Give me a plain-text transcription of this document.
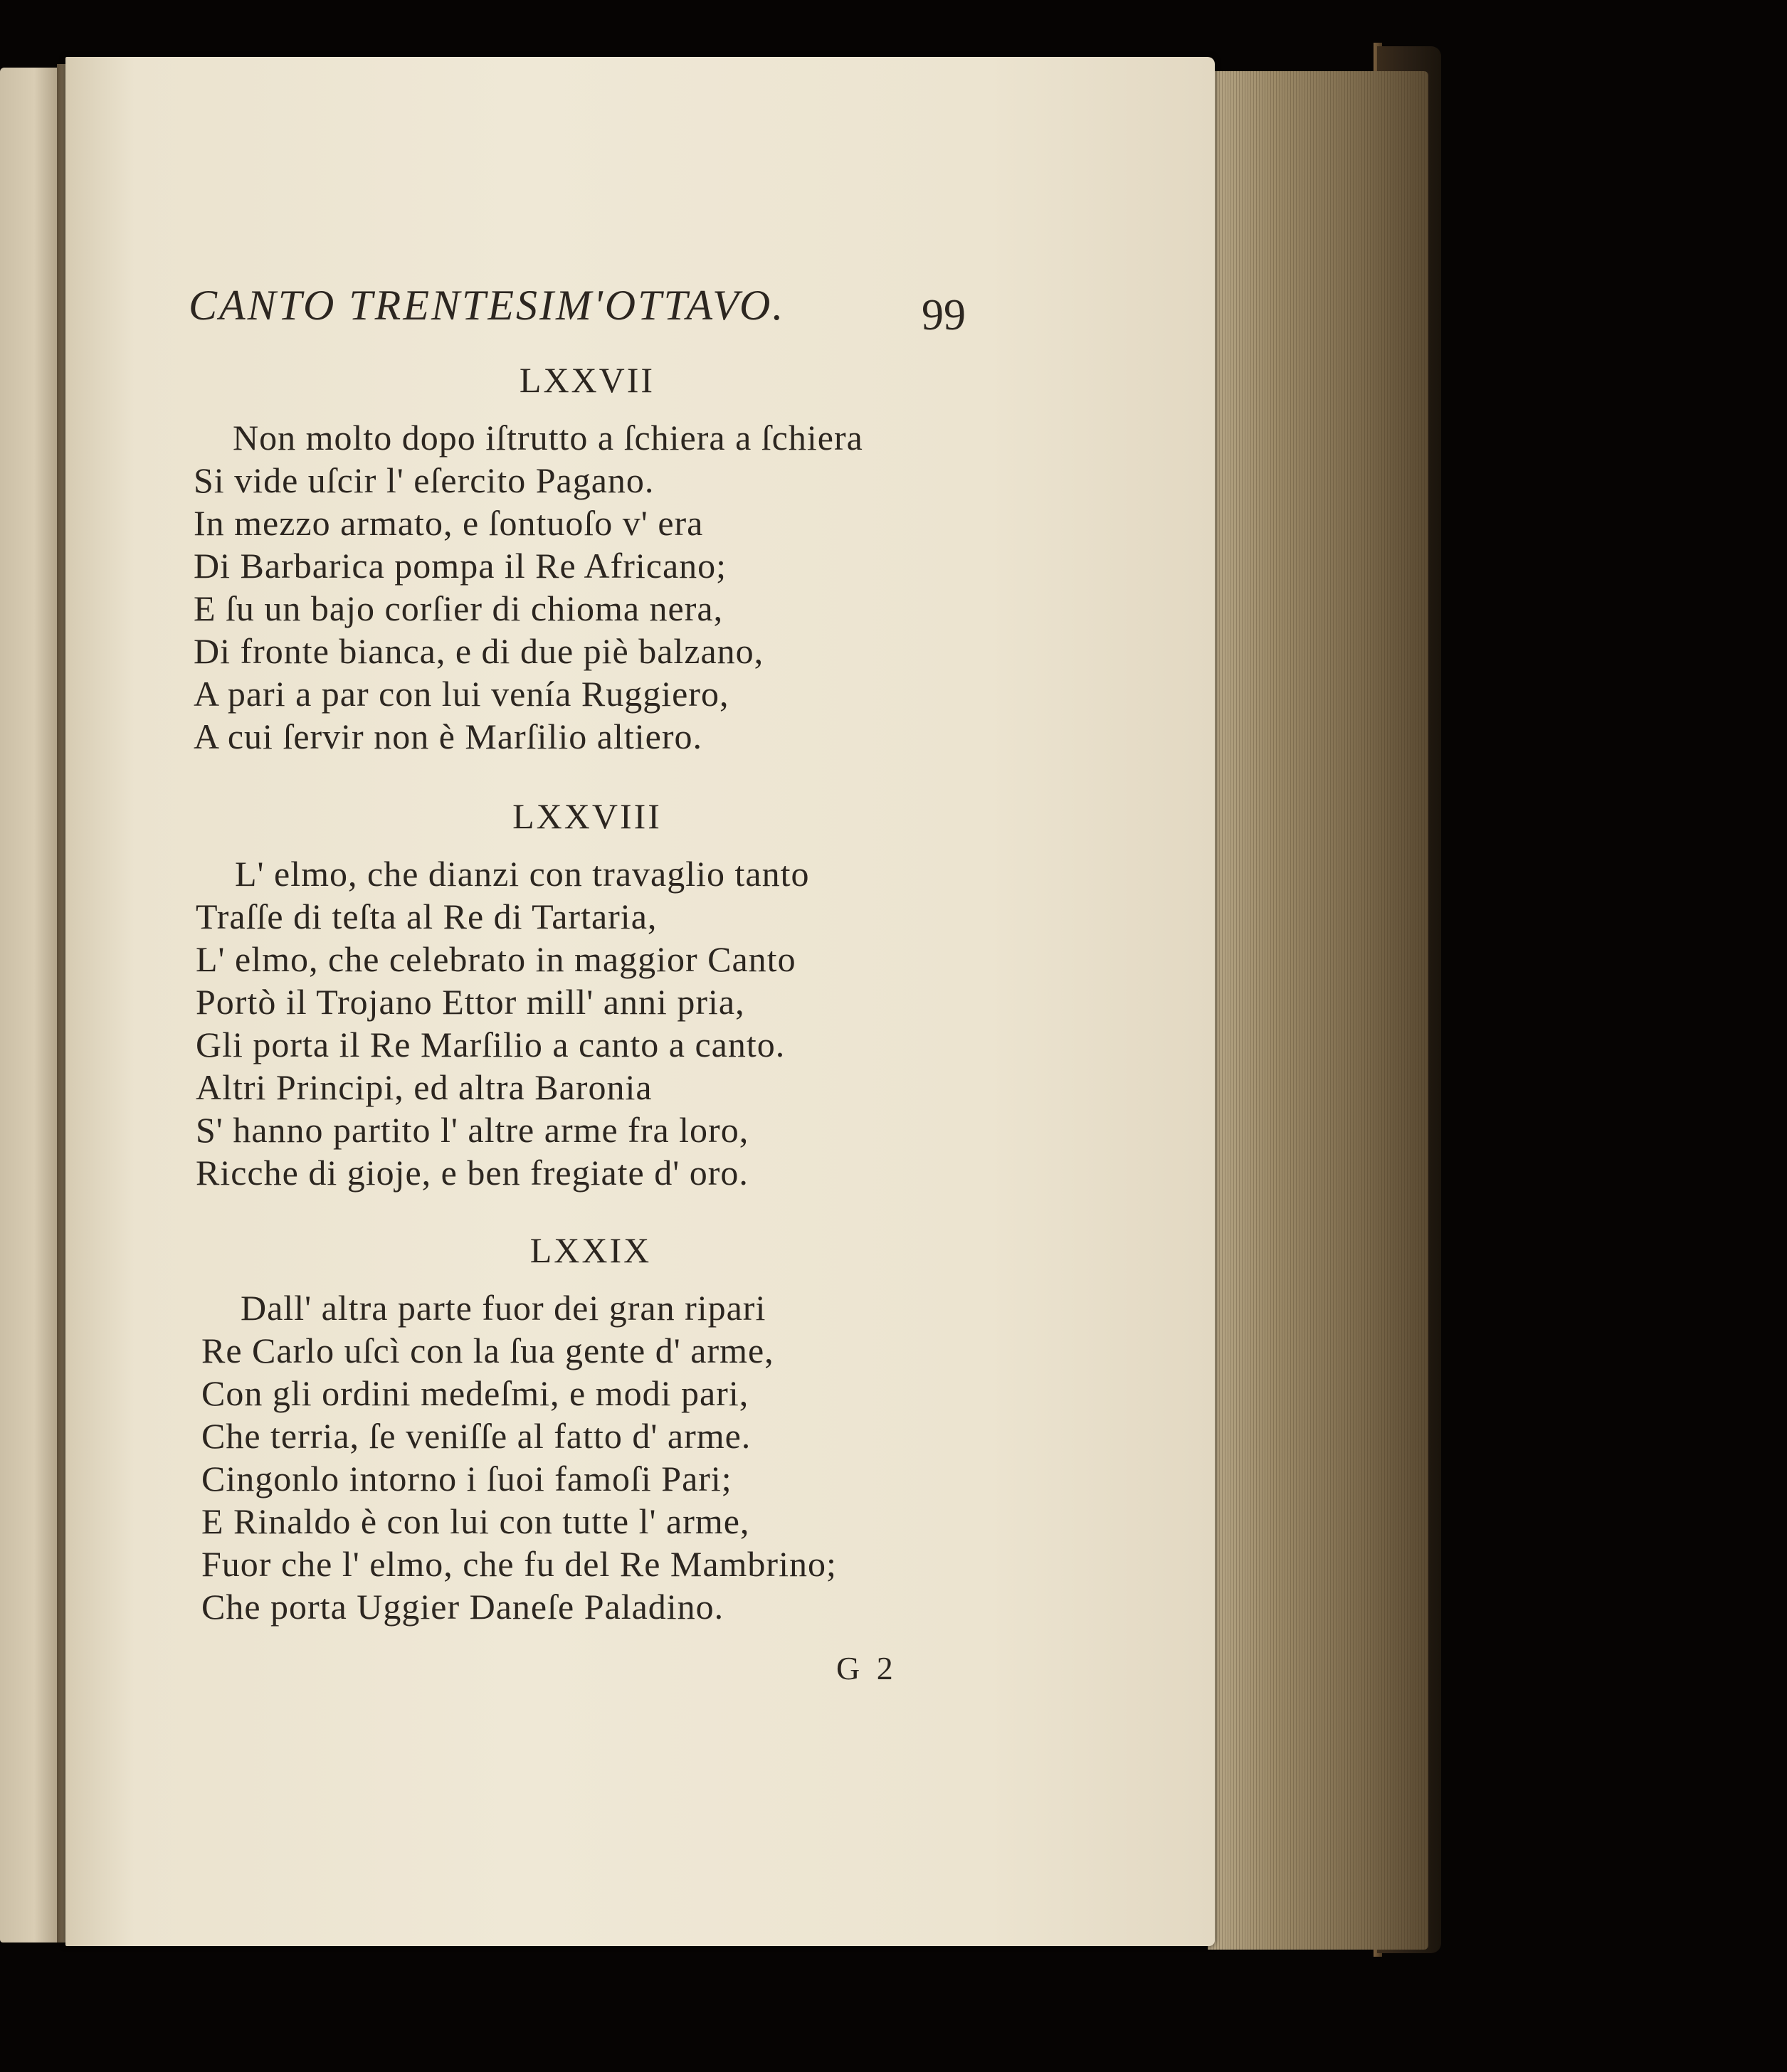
CANTO TRENTESIM'OTTAVO.	99
LXXVII
Non molto dopo iſtrutto a ſchiera a ſchiera
Si vide uſcir l' eſercito Pagano.
In mezzo armato, e ſontuoſo v' era
Di Barbarica pompa il Re Africano;
E ſu un bajo corſier di chioma nera,
Di fronte bianca, e di due piè balzano,
A pari a par con lui venía Ruggiero,
A cui ſervir non è Marſilio altiero.
LXXVIII
L' elmo, che dianzi con travaglio tanto
Traſſe di teſta al Re di Tartaria,
L' elmo, che celebrato in maggior Canto
Portò il Trojano Ettor mill' anni pria,
Gli porta il Re Marſilio a canto a canto.
Altri Principi, ed altra Baronia
S' hanno partito l' altre arme fra loro,
Ricche di gioje, e ben fregiate d' oro.
LXXIX
Dall' altra parte fuor dei gran ripari
Re Carlo uſcì con la ſua gente d' arme,
Con gli ordini medeſmi, e modi pari,
Che terria, ſe veniſſe al fatto d' arme.
Cingonlo intorno i ſuoi famoſi Pari;
E Rinaldo è con lui con tutte l' arme,
Fuor che l' elmo, che fu del Re Mambrino;
Che porta Uggier Daneſe Paladino.
G 2
